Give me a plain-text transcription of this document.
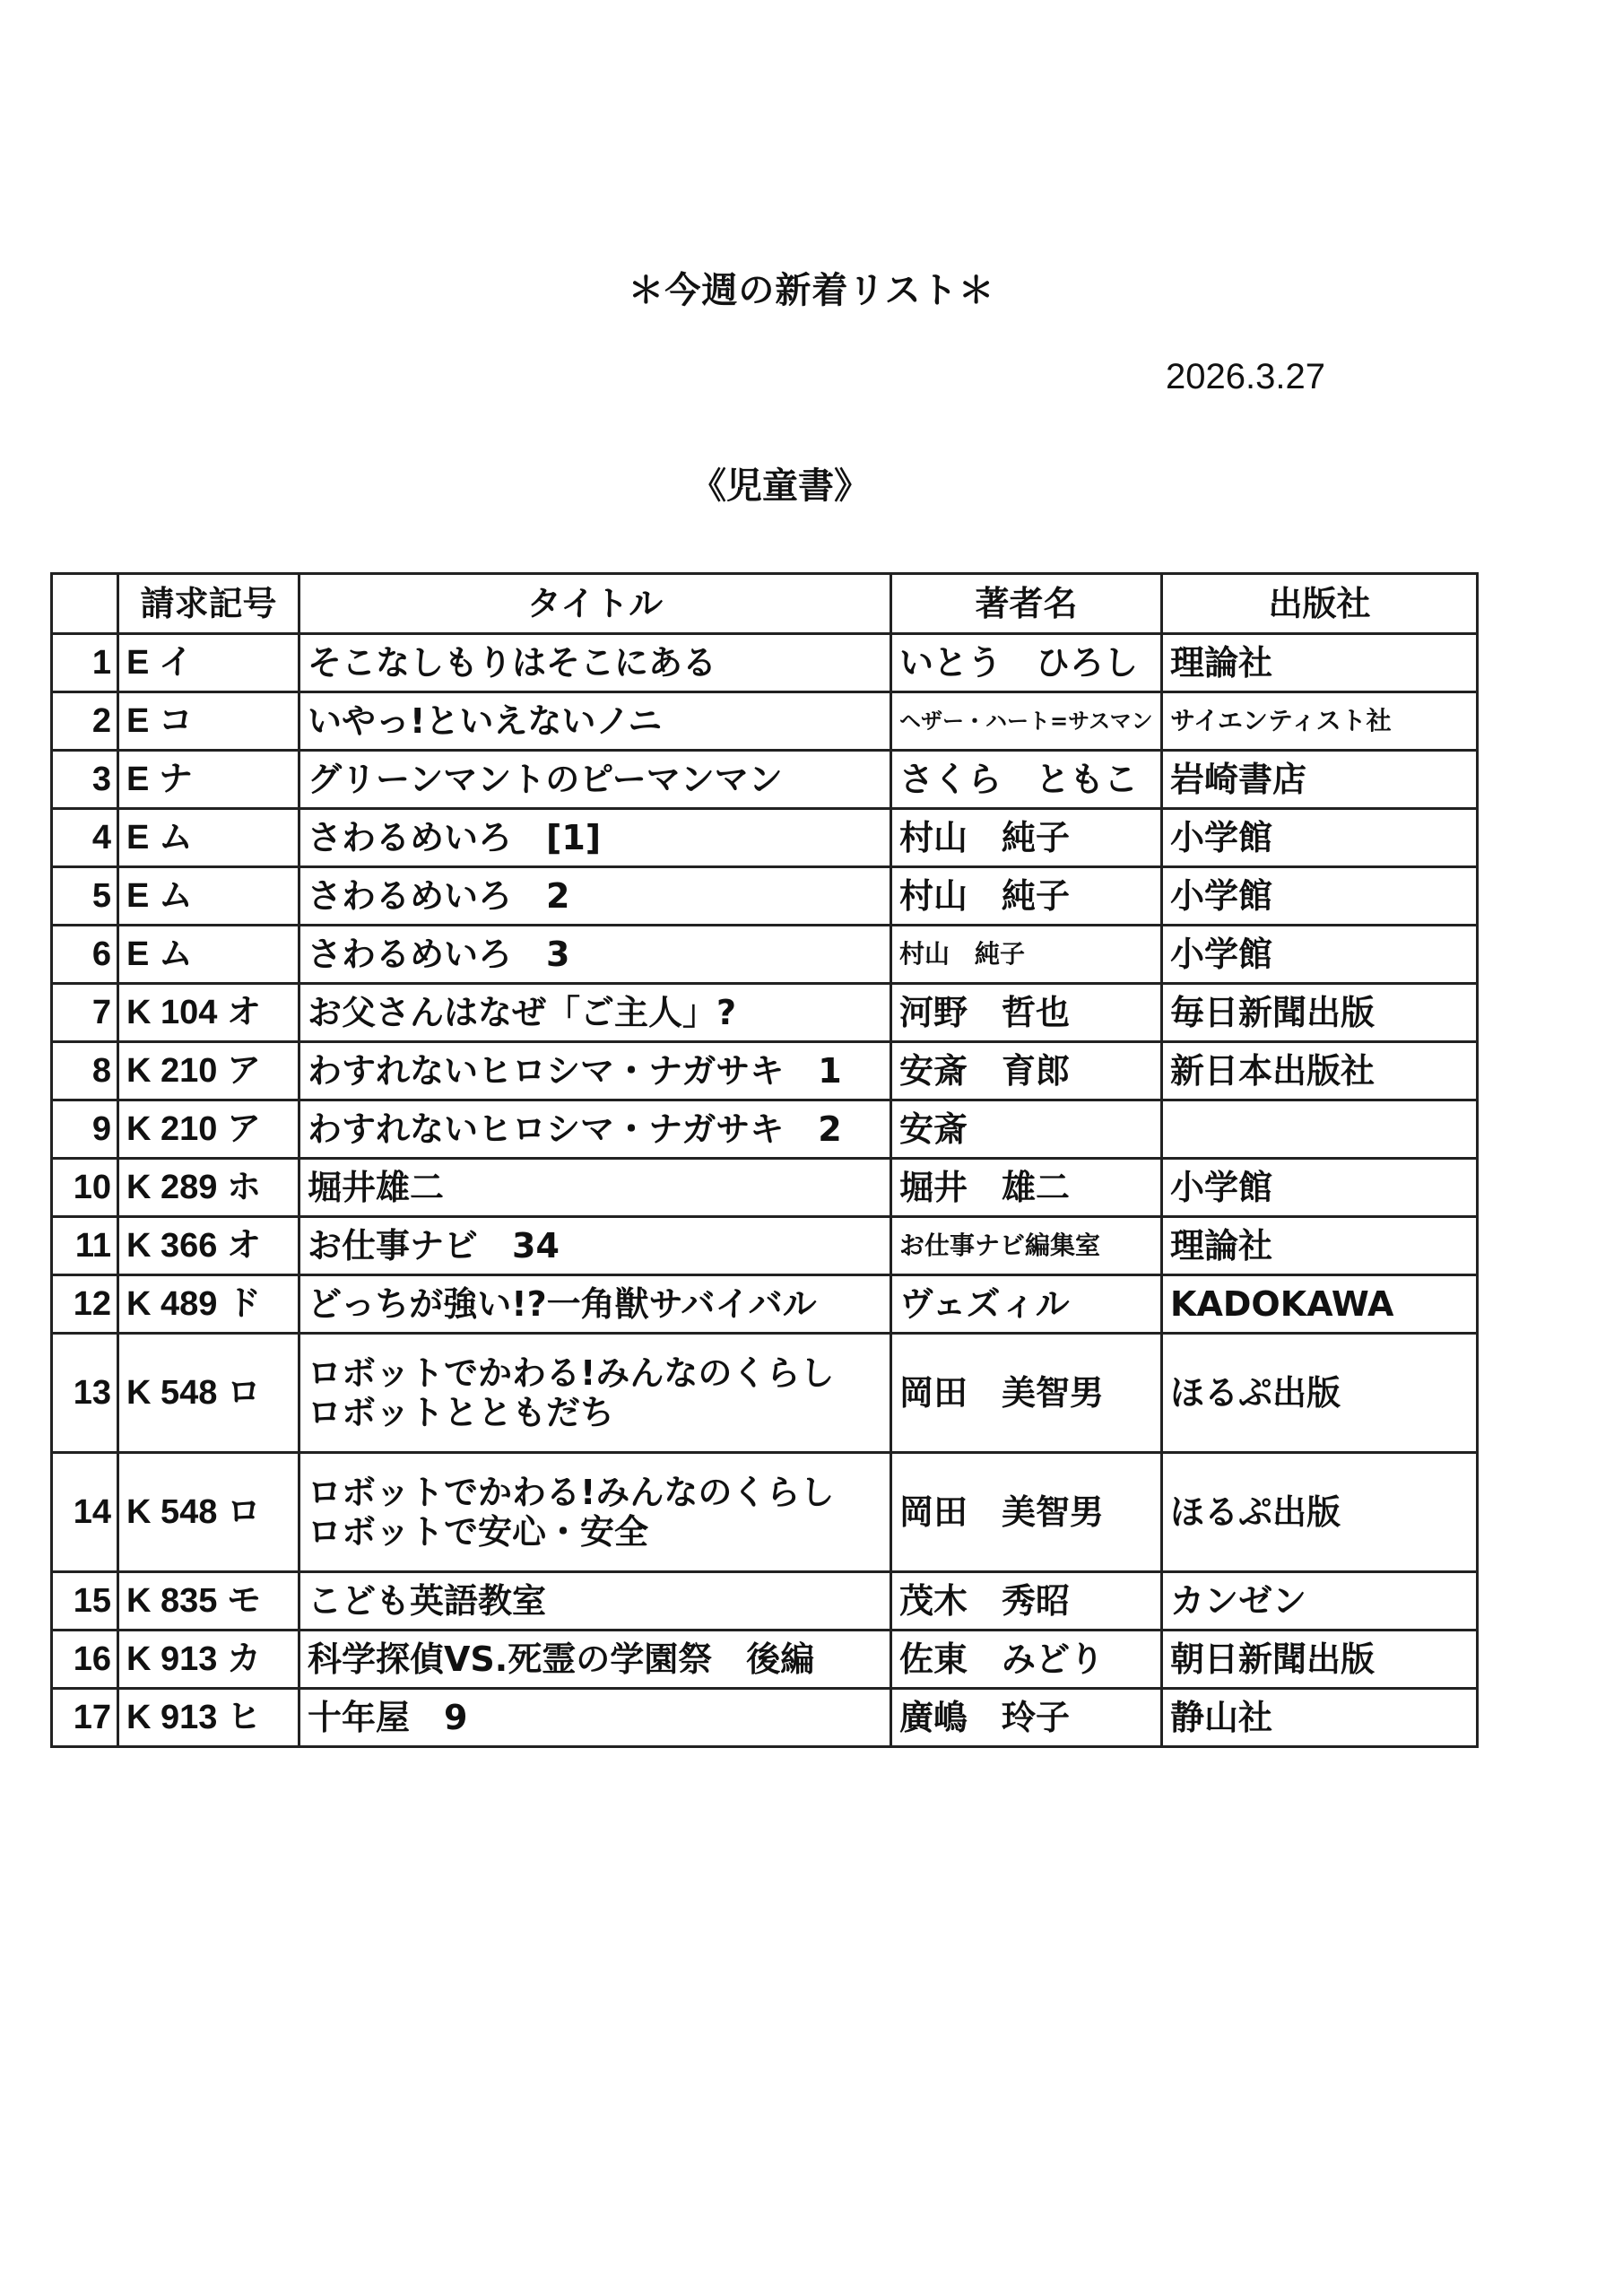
＊今週の新着リスト＊
2026.3.27
《児童書》
	請求記号	タイトル	著者名	出版社
1	E イ	そこなしもりはそこにある	いとう　ひろし	理論社
2	E コ	いやっ!といえないノニ	ヘザー・ハート=サスマン	サイエンティスト社
3	E ナ	グリーンマントのピーマンマン	さくら　ともこ	岩崎書店
4	E ム	さわるめいろ　[1]	村山　純子	小学館
5	E ム	さわるめいろ　2	村山　純子	小学館
6	E ム	さわるめいろ　3	村山　純子	小学館
7	K 104 オ	お父さんはなぜ「ご主人」?	河野　哲也	毎日新聞出版
8	K 210 ア	わすれないヒロシマ・ナガサキ　1	安斎　育郎	新日本出版社
9	K 210 ア	わすれないヒロシマ・ナガサキ　2	安斎	
10	K 289 ホ	堀井雄二	堀井　雄二	小学館
11	K 366 オ	お仕事ナビ　34	お仕事ナビ編集室	理論社
12	K 489 ド	どっちが強い!?一角獣サバイバル	ヴェズィル	KADOKAWA
13	K 548 ロ	ロボットでかわる!みんなのくらし
ロボットとともだち	岡田　美智男	ほるぷ出版
14	K 548 ロ	ロボットでかわる!みんなのくらし
ロボットで安心・安全	岡田　美智男	ほるぷ出版
15	K 835 モ	こども英語教室	茂木　秀昭	カンゼン
16	K 913 カ	科学探偵VS.死霊の学園祭　後編	佐東　みどり	朝日新聞出版
17	K 913 ヒ	十年屋　9	廣嶋　玲子	静山社
